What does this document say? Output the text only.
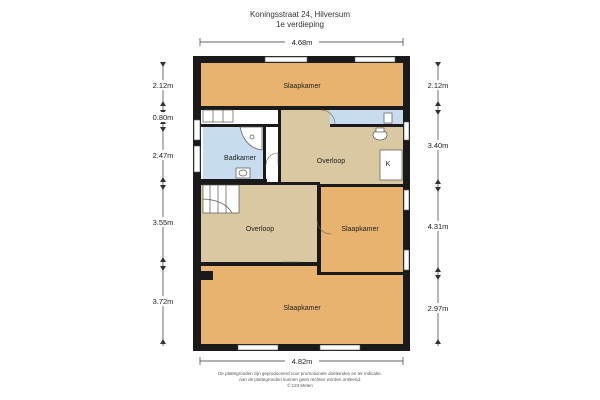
Koningsstraat 24, Hilversum
1e verdieping
4.68m
4.82m
2.12m
0.80m
2.47m
3.55m
3.72m
2.12m
3.40m
4.31m
2.97m
Slaapkamer
Badkamer	Overloop	K
Overloop	Slaapkamer
Slaapkamer
De plattegronden zijn geproduceerd voor promotionele doeleinden en ter indicatie.
Aan de plattegronden kunnen geen rechten worden ontleend.
© 123 Meten
